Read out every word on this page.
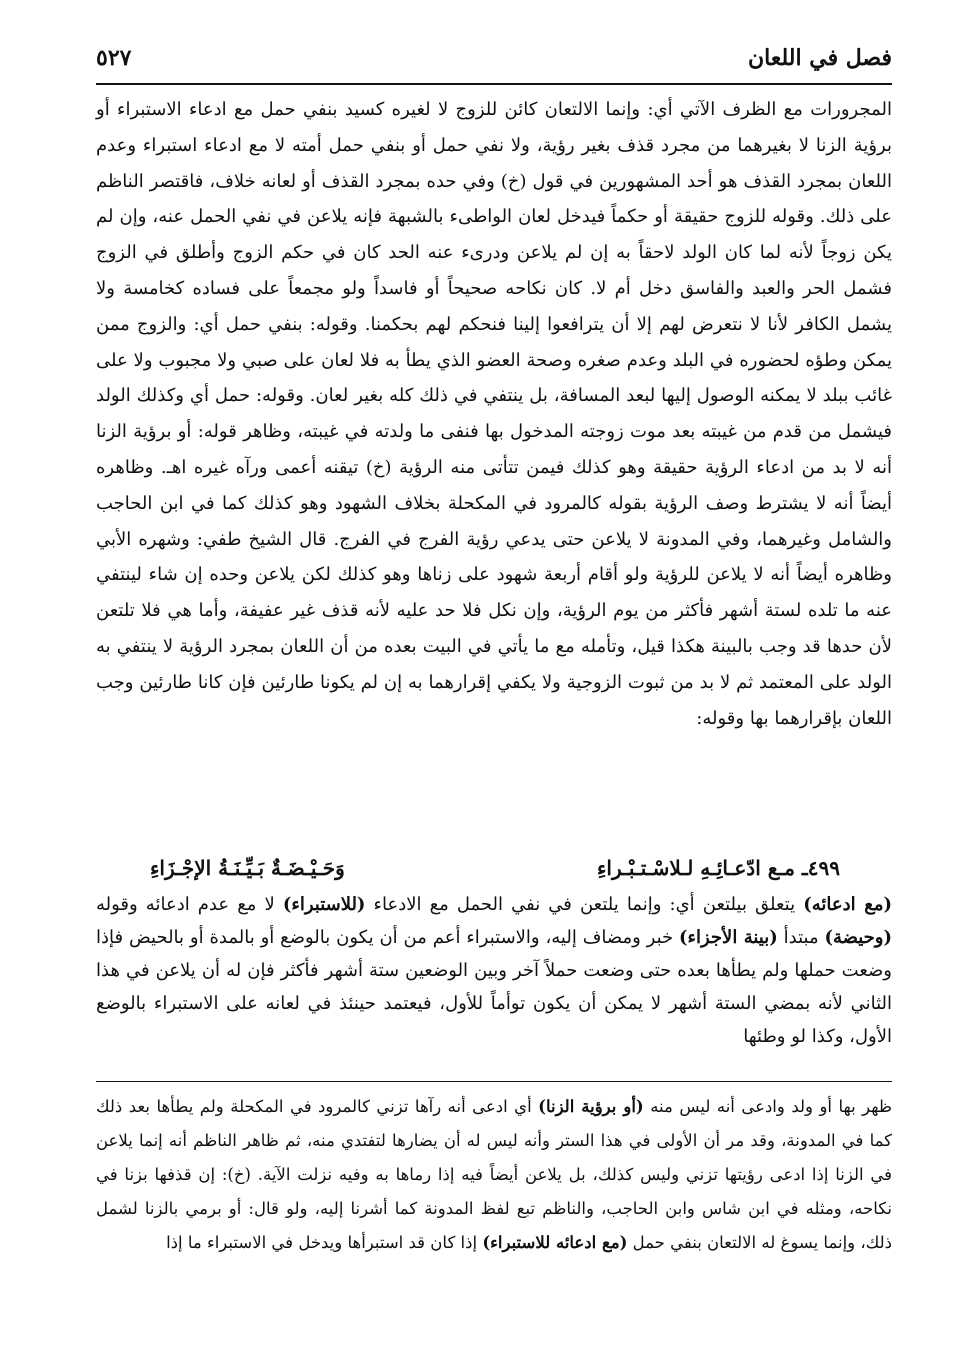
٥٢٧	فصل في اللعان

المجرورات مع الظرف الآتي أي: وإنما الالتعان كائن للزوج لا لغيره كسيد بنفي حمل مع ادعاء الاستبراء أو برؤية الزنا لا بغيرهما من مجرد قذف بغير رؤية، ولا نفي حمل أو بنفي حمل أمته لا مع ادعاء استبراء وعدم اللعان بمجرد القذف هو أحد المشهورين في قول (خ) وفي حده بمجرد القذف أو لعانه خلاف، فاقتصر الناظم على ذلك. وقوله للزوج حقيقة أو حكماً فيدخل لعان الواطىء بالشبهة فإنه يلاعن في نفي الحمل عنه، وإن لم يكن زوجاً لأنه لما كان الولد لاحقاً به إن لم يلاعن ودرىء عنه الحد كان في حكم الزوج وأطلق في الزوج فشمل الحر والعبد والفاسق دخل أم لا. كان نكاحه صحيحاً أو فاسداً ولو مجمعاً على فساده كخامسة ولا يشمل الكافر لأنا لا نتعرض لهم إلا أن يترافعوا إلينا فنحكم لهم بحكمنا. وقوله: بنفي حمل أي: والزوج ممن يمكن وطؤه لحضوره في البلد وعدم صغره وصحة العضو الذي يطأ به فلا لعان على صبي ولا مجبوب ولا على غائب ببلد لا يمكنه الوصول إليها لبعد المسافة، بل ينتفي في ذلك كله بغير لعان. وقوله: حمل أي وكذلك الولد فيشمل من قدم من غيبته بعد موت زوجته المدخول بها فنفى ما ولدته في غيبته، وظاهر قوله: أو برؤية الزنا أنه لا بد من ادعاء الرؤية حقيقة وهو كذلك فيمن تتأتى منه الرؤية (خ) تيقنه أعمى ورآه غيره اهـ. وظاهره أيضاً أنه لا يشترط وصف الرؤية بقوله كالمرود في المكحلة بخلاف الشهود وهو كذلك كما في ابن الحاجب والشامل وغيرهما، وفي المدونة لا يلاعن حتى يدعي رؤية الفرج في الفرج. قال الشيخ طفي: وشهره الأبي وظاهره أيضاً أنه لا يلاعن للرؤية ولو أقام أربعة شهود على زناها وهو كذلك لكن يلاعن وحده إن شاء لينتفي عنه ما تلده لستة أشهر فأكثر من يوم الرؤية، وإن نكل فلا حد عليه لأنه قذف غير عفيفة، وأما هي فلا تلتعن لأن حدها قد وجب بالبينة هكذا قيل، وتأمله مع ما يأتي في البيت بعده من أن اللعان بمجرد الرؤية لا ينتفي به الولد على المعتمد ثم لا بد من ثبوت الزوجية ولا يكفي إقرارهما به إن لم يكونا طارئين فإن كانا طارئين وجب اللعان بإقرارهما بها وقوله:

٤٩٩ـ مـع ادّعـائِـهِ لـلاسْـتـبْـراءِ
وَحَـيْـضَـةٌ بَـيِّـنَـةُ الإجْـزَاءِ

(مع ادعائه) يتعلق بيلتعن أي: وإنما يلتعن في نفي الحمل مع الادعاء (للاستبراء) لا مع عدم ادعائه وقوله (وحيضة) مبتدأ (بينة الأجزاء) خبر ومضاف إليه، والاستبراء أعم من أن يكون بالوضع أو بالمدة أو بالحيض فإذا وضعت حملها ولم يطأها بعده حتى وضعت حملاً آخر وبين الوضعين ستة أشهر فأكثر فإن له أن يلاعن في هذا الثاني لأنه بمضي الستة أشهر لا يمكن أن يكون توأماً للأول، فيعتمد حينئذ في لعانه على الاستبراء بالوضع الأول، وكذا لو وطئها

ظهر بها أو ولد وادعى أنه ليس منه (أو برؤية الزنا) أي ادعى أنه رآها تزني كالمرود في المكحلة ولم يطأها بعد ذلك كما في المدونة، وقد مر أن الأولى في هذا الستر وأنه ليس له أن يضارها لتفتدي منه، ثم ظاهر الناظم أنه إنما يلاعن في الزنا إذا ادعى رؤيتها تزني وليس كذلك، بل يلاعن أيضاً فيه إذا رماها به وفيه نزلت الآية. (خ): إن قذفها بزنا في نكاحه، ومثله في ابن شاس وابن الحاجب، والناظم تبع لفظ المدونة كما أشرنا إليه، ولو قال: أو برمي بالزنا لشمل ذلك، وإنما يسوغ له الالتعان بنفي حمل (مع ادعائه للاستبراء) إذا كان قد استبرأها ويدخل في الاستبراء ما إذا
